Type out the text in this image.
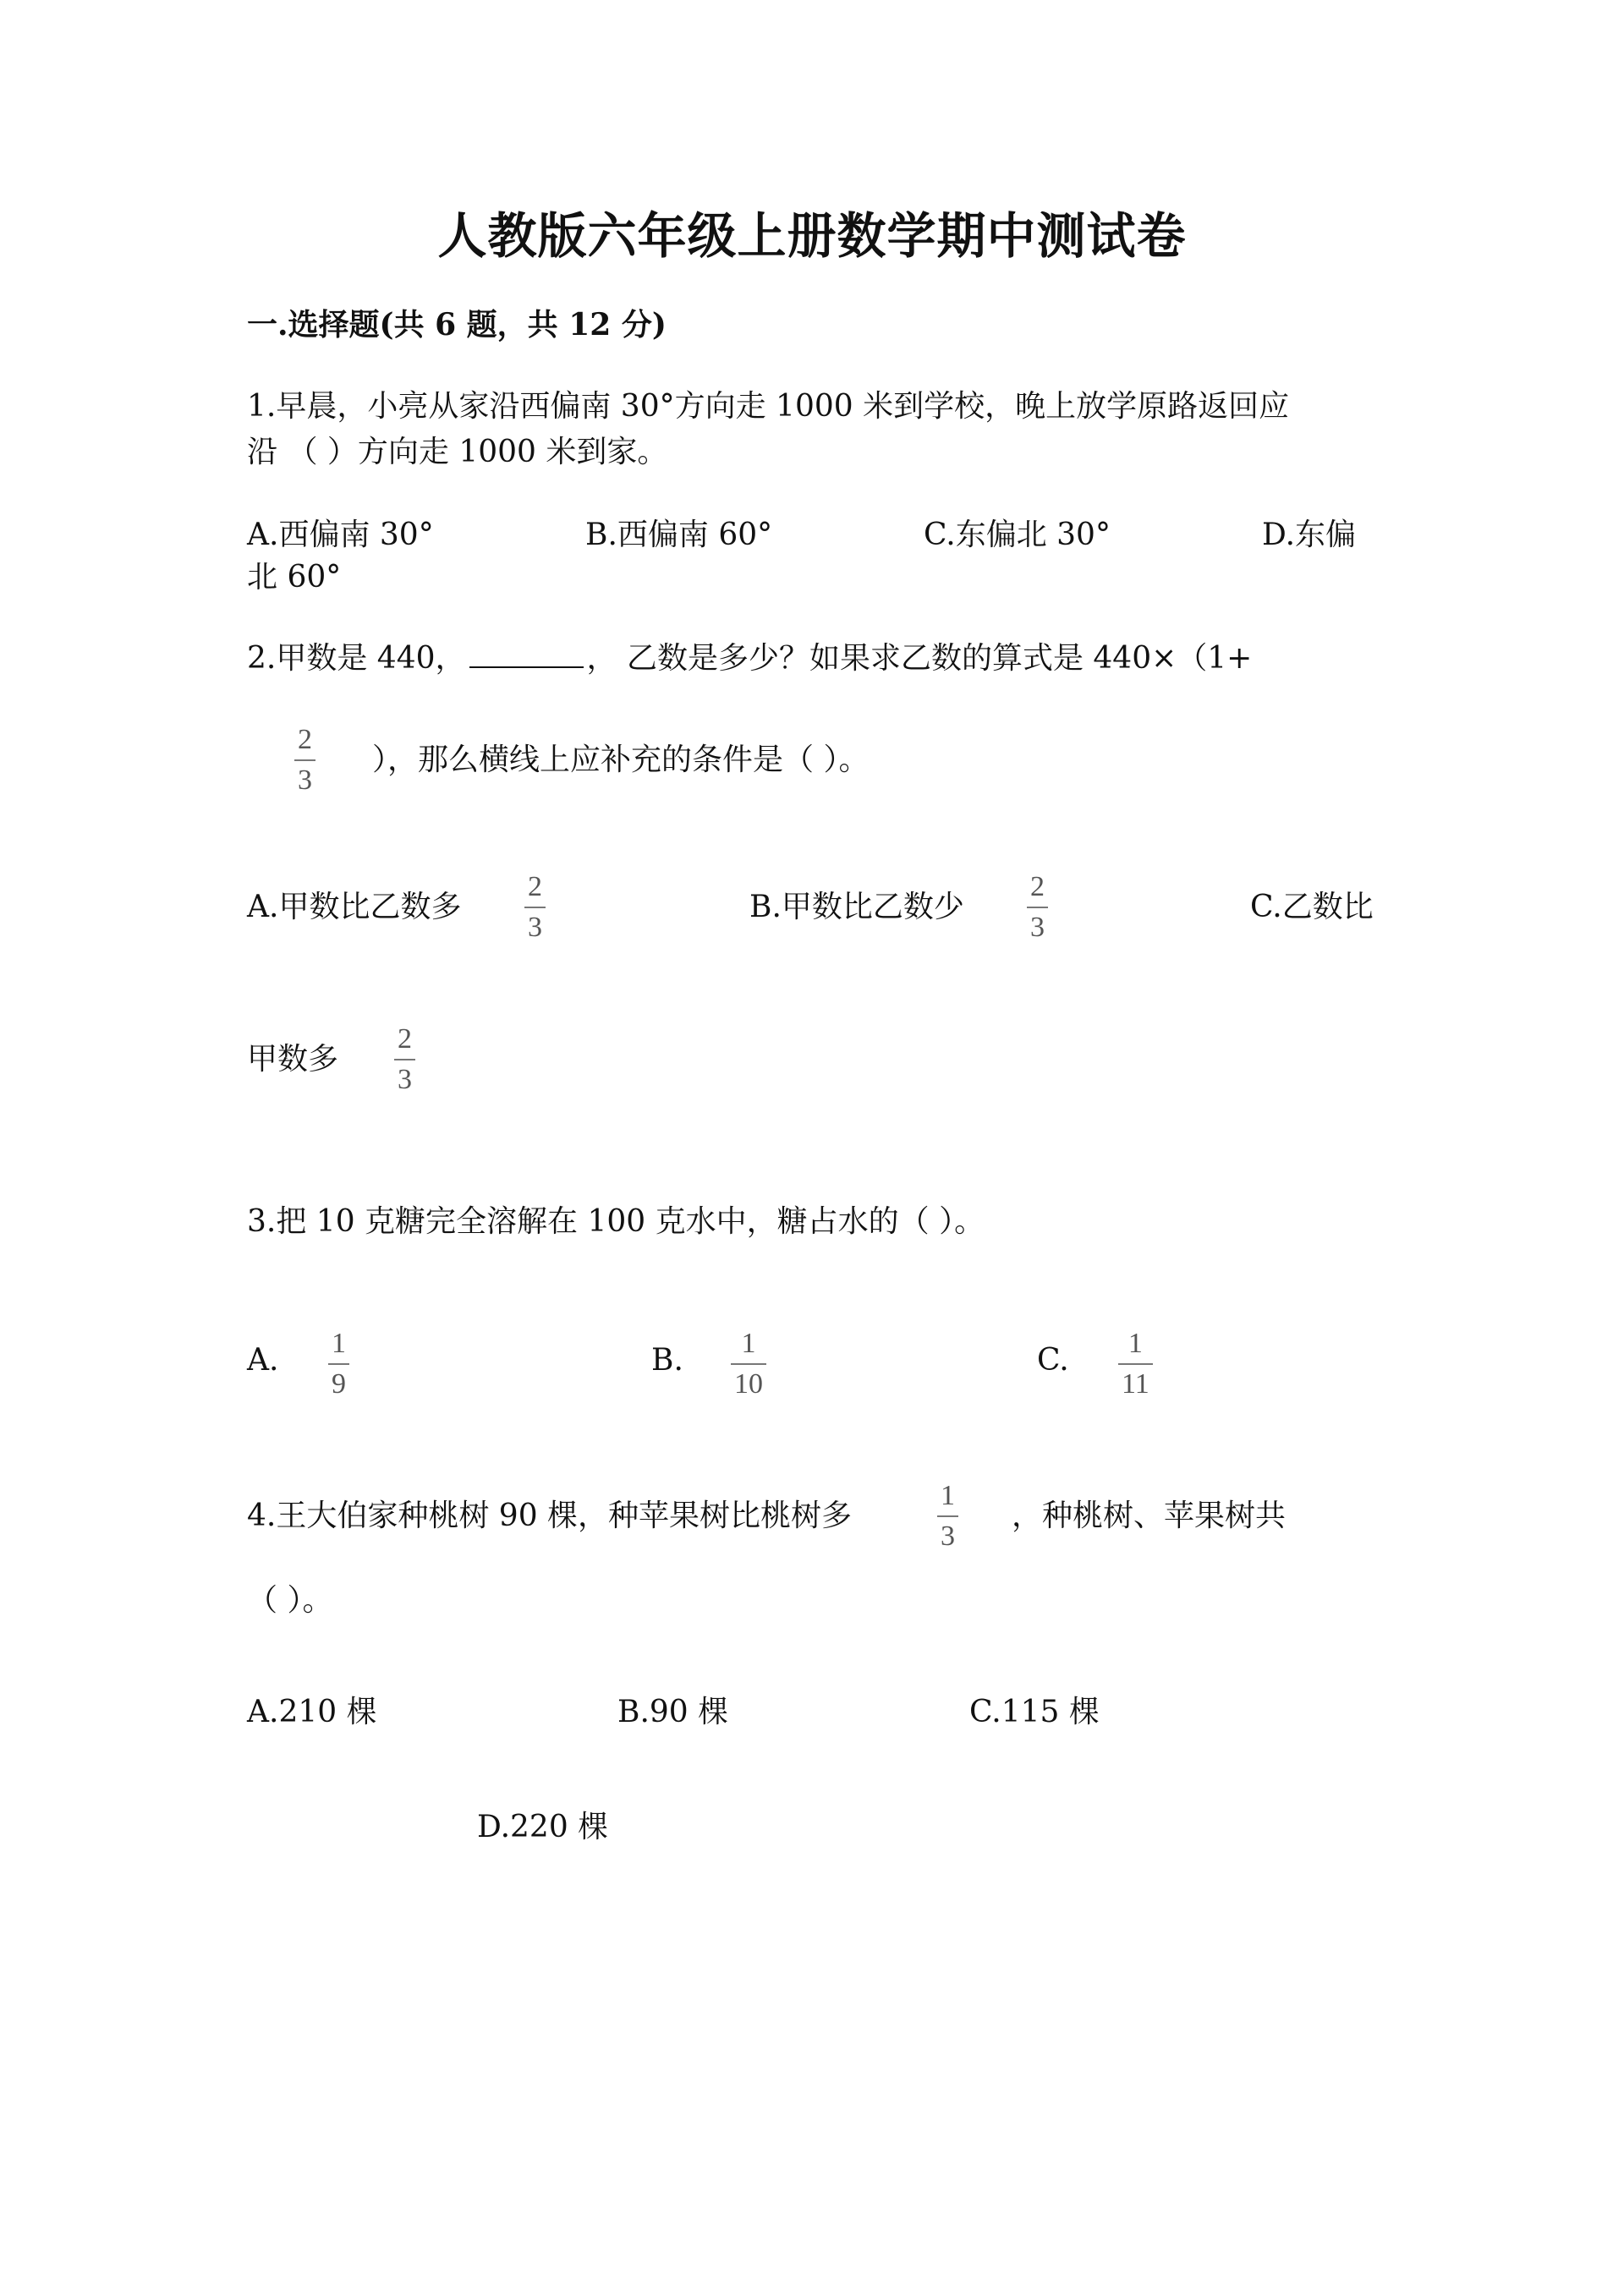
人教版六年级上册数学期中测试卷
一.选择题(共 6 题，共 12 分)
1.早晨，小亮从家沿西偏南 30°方向走 1000 米到学校，晚上放学原路返回应
沿 （ ）方向走 1000 米到家。
A.西偏南 30°	B.西偏南 60°	C.东偏北 30°	D.东偏
北 60°
2.甲数是 440，	， 乙数是多少？如果求乙数的算式是 440×（1+
2
3
），那么横线上应补充的条件是（ ）。
A.甲数比乙数多
2
3
B.甲数比乙数少
2
3
C.乙数比
甲数多
2
3
3.把 10 克糖完全溶解在 100 克水中，糖占水的（ ）。
A. 1
9
B. 1
10
C. 1
11
4.王大伯家种桃树 90 棵，种苹果树比桃树多
1
3
，种桃树、苹果树共
（ ）。
A.210 棵	B.90 棵	C.115 棵
D.220 棵
